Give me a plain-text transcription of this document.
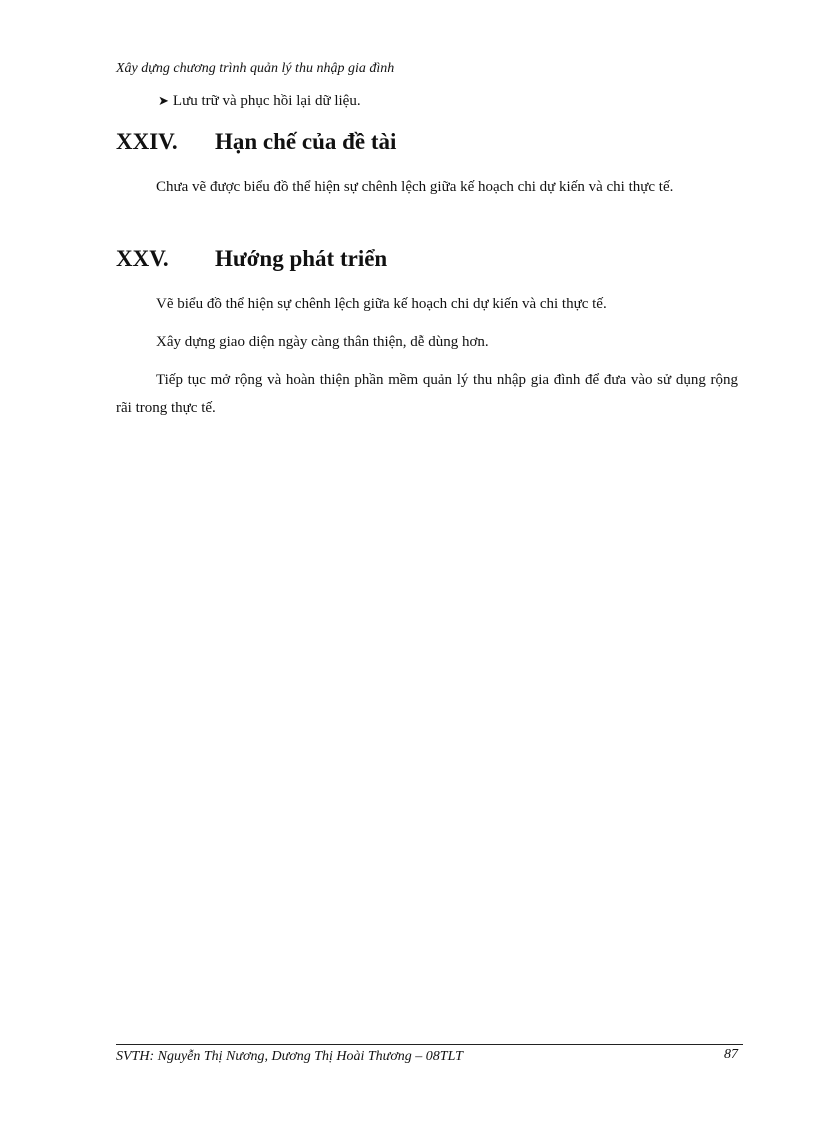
Xây dựng chương trình quản lý thu nhập gia đình
➤ Lưu trữ và phục hồi lại dữ liệu.
XXIV. Hạn chế của đề tài

Chưa vẽ được biểu đồ thể hiện sự chênh lệch giữa kế hoạch chi dự kiến và chi thực tế.

XXV. Hướng phát triển

Vẽ biểu đồ thể hiện sự chênh lệch giữa kế hoạch chi dự kiến và chi thực tế.

Xây dựng giao diện ngày càng thân thiện, dễ dùng hơn.

Tiếp tục mở rộng và hoàn thiện phần mềm quản lý thu nhập gia đình để đưa vào sử dụng rộng rãi trong thực tế.

SVTH: Nguyễn Thị Nương, Dương Thị Hoài Thương – 08TLT	87
